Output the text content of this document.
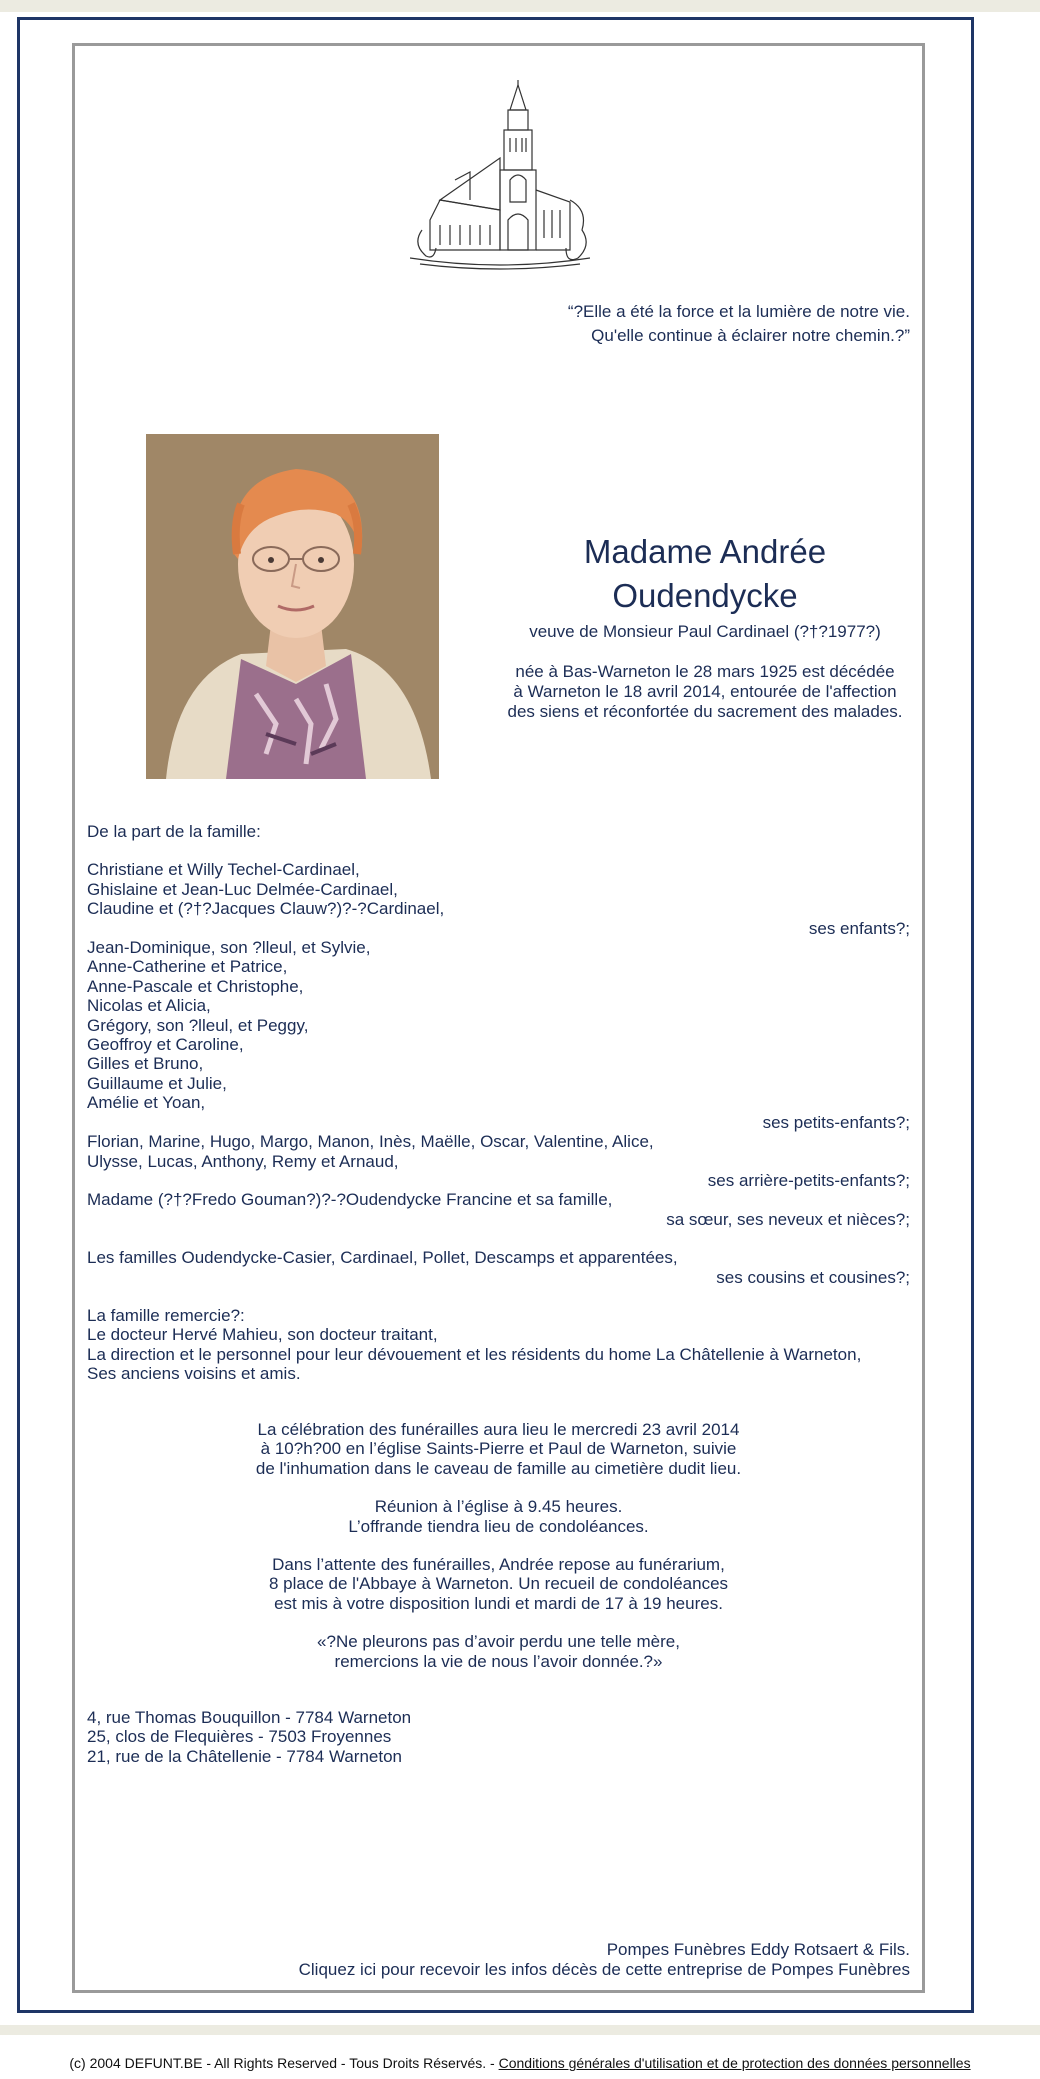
“?Elle a été la force et la lumière de notre vie.
Qu'elle continue à éclairer notre chemin.?”
Madame Andrée Oudendycke
veuve de Monsieur Paul Cardinael (?†?1977?)
née à Bas-Warneton le 28 mars 1925 est décédée
à Warneton le 18 avril 2014, entourée de l'affection
des siens et réconfortée du sacrement des malades.

De la part de la famille:

Christiane et Willy Techel-Cardinael,

Ghislaine et Jean-Luc Delmée-Cardinael,

Claudine et (?†?Jacques Clauw?)?-?Cardinael,

ses enfants?;

Jean-Dominique, son ?lleul, et Sylvie,

Anne-Catherine et Patrice,

Anne-Pascale et Christophe,

Nicolas et Alicia,

Grégory, son ?lleul, et Peggy,

Geoffroy et Caroline,

Gilles et Bruno,

Guillaume et Julie,

Amélie et Yoan,

ses petits-enfants?;

Florian, Marine, Hugo, Margo, Manon, Inès, Maëlle, Oscar, Valentine, Alice,

Ulysse, Lucas, Anthony, Remy et Arnaud,

ses arrière-petits-enfants?;

Madame (?†?Fredo Gouman?)?-?Oudendycke Francine et sa famille,

sa sœur, ses neveux et nièces?;

Les familles Oudendycke-Casier, Cardinael, Pollet, Descamps et apparentées,

ses cousins et cousines?;

La famille remercie?:

Le docteur Hervé Mahieu, son docteur traitant,

La direction et le personnel pour leur dévouement et les résidents du home La Châtellenie à Warneton,

Ses anciens voisins et amis.

La célébration des funérailles aura lieu le mercredi 23 avril 2014

à 10?h?00 en l’église Saints-Pierre et Paul de Warneton, suivie

de l'inhumation dans le caveau de famille au cimetière dudit lieu.

Réunion à l’église à 9.45 heures.

L’offrande tiendra lieu de condoléances.

Dans l’attente des funérailles, Andrée repose au funérarium,

8 place de l'Abbaye à Warneton. Un recueil de condoléances

est mis à votre disposition lundi et mardi de 17 à 19 heures.

«?Ne pleurons pas d’avoir perdu une telle mère,

remercions la vie de nous l’avoir donnée.?»

4, rue Thomas Bouquillon - 7784 Warneton

25, clos de Flequières - 7503 Froyennes

21, rue de la Châtellenie - 7784 Warneton

Pompes Funèbres Eddy Rotsaert & Fils.

Cliquez ici pour recevoir les infos décès de cette entreprise de Pompes Funèbres

(c) 2004 DEFUNT.BE - All Rights Reserved - Tous Droits Réservés. - Conditions générales d'utilisation et de protection des données personnelles
